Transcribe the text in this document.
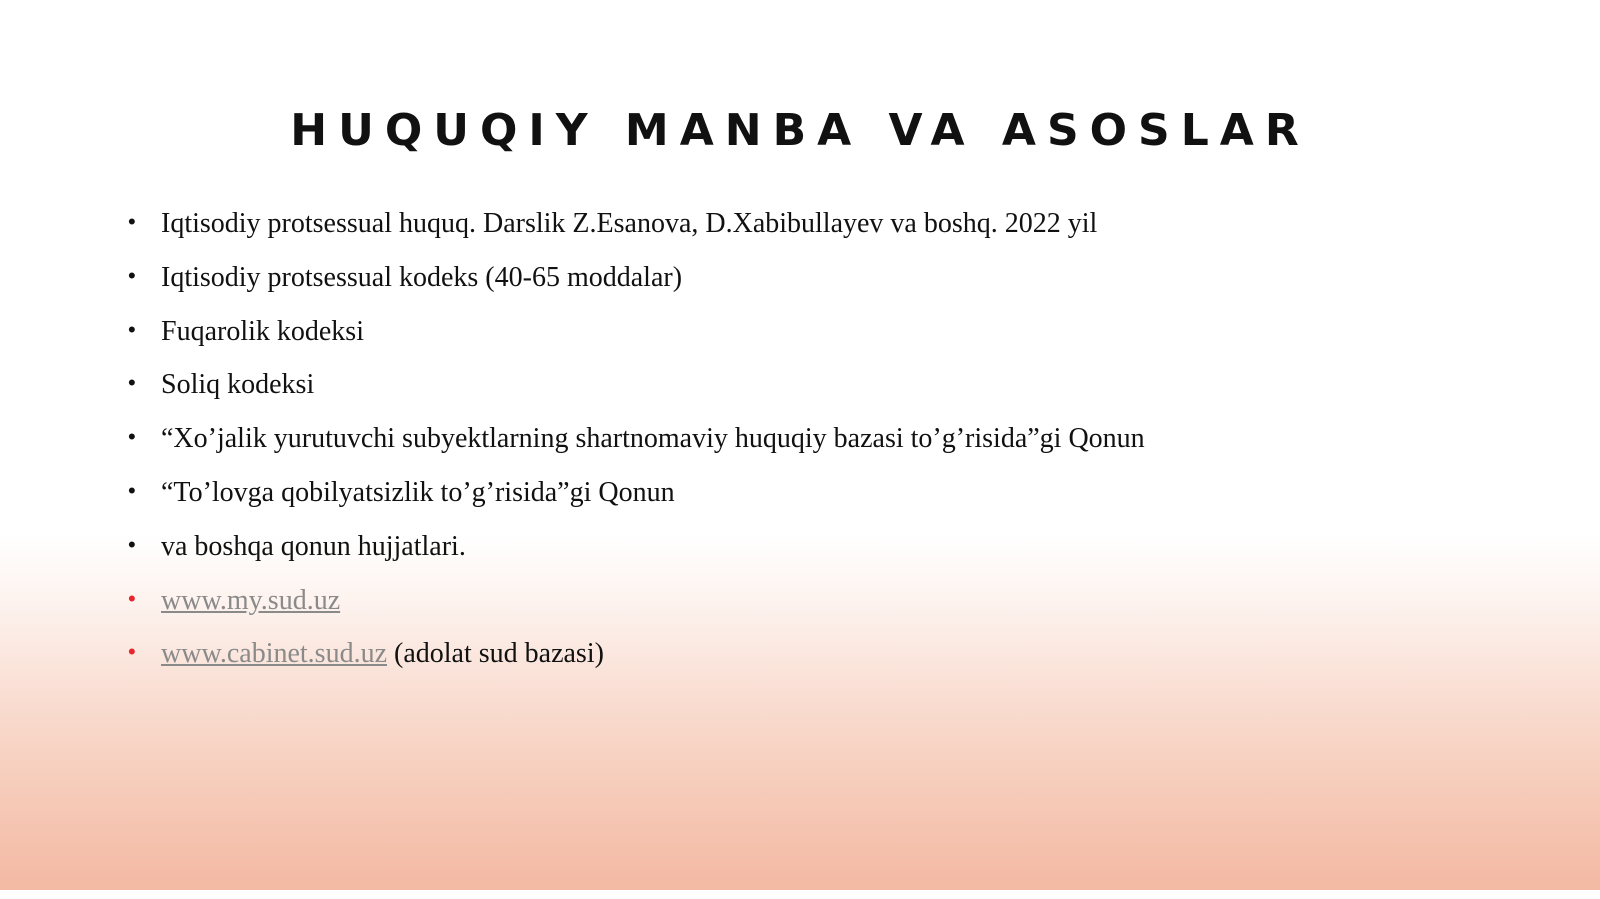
HUQUQIY MANBA VA ASOSLAR
• Iqtisodiy protsessual huquq. Darslik Z.Esanova, D.Xabibullayev va boshq. 2022 yil
• Iqtisodiy protsessual kodeks (40-65 moddalar)
• Fuqarolik kodeksi
• Soliq kodeksi
• “Xo’jalik yurutuvchi subyektlarning shartnomaviy huquqiy bazasi to’g’risida”gi Qonun
• “To’lovga qobilyatsizlik to’g’risida”gi Qonun
• va boshqa qonun hujjatlari.
• www.my.sud.uz
• www.cabinet.sud.uz (adolat sud bazasi)
